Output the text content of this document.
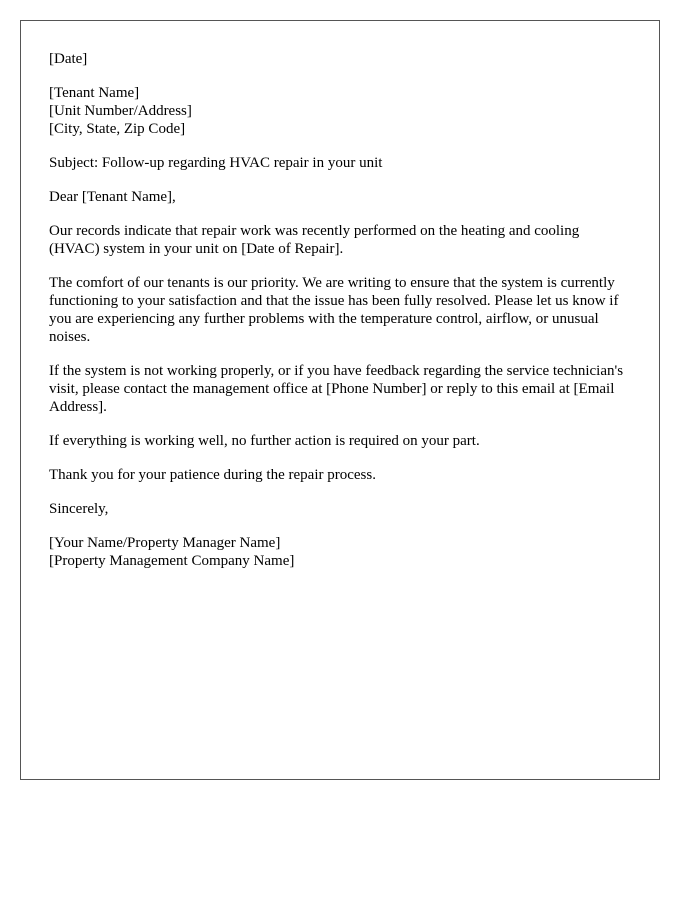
[Date]

[Tenant Name]
[Unit Number/Address]
[City, State, Zip Code]

Subject: Follow-up regarding HVAC repair in your unit

Dear [Tenant Name],

Our records indicate that repair work was recently performed on the heating and cooling (HVAC) system in your unit on [Date of Repair].

The comfort of our tenants is our priority. We are writing to ensure that the system is currently functioning to your satisfaction and that the issue has been fully resolved. Please let us know if you are experiencing any further problems with the temperature control, airflow, or unusual noises.

If the system is not working properly, or if you have feedback regarding the service technician's visit, please contact the management office at [Phone Number] or reply to this email at [Email Address].

If everything is working well, no further action is required on your part.

Thank you for your patience during the repair process.

Sincerely,

[Your Name/Property Manager Name]
[Property Management Company Name]
